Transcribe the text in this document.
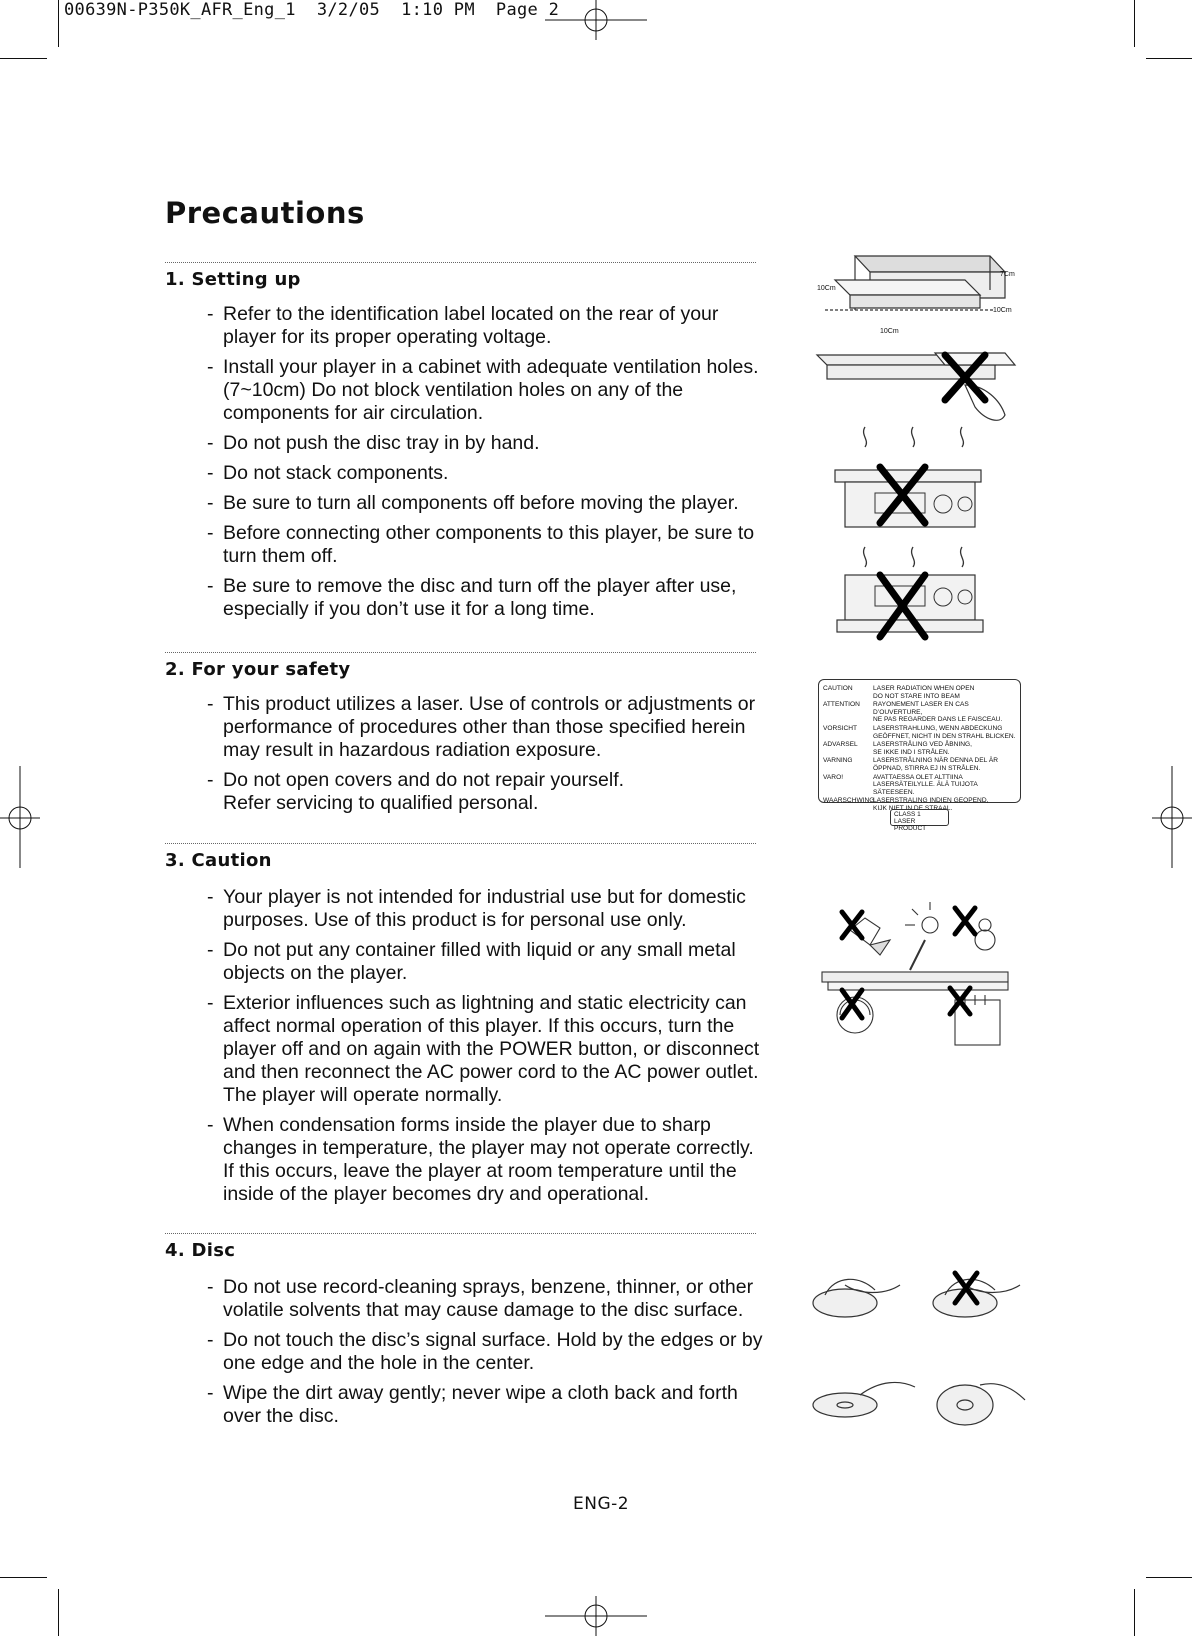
00639N-P350K_AFR_Eng_1  3/2/05  1:10 PM  Page 2
Precautions
1. Setting up
- Refer to the identification label located on the rear of your player for its proper operating voltage.
- Install your player in a cabinet with adequate ventilation holes. (7~10cm) Do not block ventilation holes on any of the components for air circulation.
- Do not push the disc tray in by hand.
- Do not stack components.
- Be sure to turn all components off before moving the player.
- Before connecting other components to this player, be sure to turn them off.
- Be sure to remove the disc and turn off the player after use, especially if you don’t use it for a long time.
2. For your safety
- This product utilizes a laser. Use of controls or adjustments or performance of procedures other than those specified herein may result in hazardous radiation exposure.
- Do not open covers and do not repair yourself.
Refer servicing to qualified personal.
3. Caution
- Your player is not intended for industrial use but for domestic purposes. Use of this product is for personal use only.
- Do not put any container filled with liquid or any small metal objects on the player.
- Exterior influences such as lightning and static electricity can affect normal operation of this player. If this occurs, turn the player off and on again with the POWER button, or disconnect and then reconnect the AC power cord to the AC power outlet. The player will operate normally.
- When condensation forms inside the player due to sharp changes in temperature, the player may not operate correctly. If this occurs, leave the player at room temperature until the inside of the player becomes dry and operational.
4. Disc
- Do not use record-cleaning sprays, benzene, thinner, or other volatile solvents that may cause damage to the disc surface.
- Do not touch the disc’s signal surface. Hold by the edges or by one edge and the hole in the center.
- Wipe the dirt away gently; never wipe a cloth back and forth over the disc.
7Cm
10Cm
10Cm
10Cm
CAUTION	LASER RADIATION WHEN OPEN
DO NOT STARE INTO BEAM
ATTENTION	RAYONEMENT LASER EN CAS D’OUVERTURE,
NE PAS REGARDER DANS LE FAISCEAU.
VORSICHT	LASERSTRAHLUNG, WENN ABDECKUNG
GEÖFFNET, NICHT IN DEN STRAHL BLICKEN.
ADVARSEL	LASERSTRÅLING VED ÅBNING,
SE IKKE IND I STRÅLEN.
VARNING	LASERSTRÅLNING NÄR DENNA DEL ÄR
ÖPPNAD, STIRRA EJ IN STRÅLEN.
VARO!	AVATTAESSA OLET ALTTIINA
LASERSÄTEILYLLE. ÄLÄ TUIJOTA SÄTEESEEN.
WAARSCHWING
LASERSTRALING INDIEN GEOPEND,
KIJK NIET IN DE STRAAL.
CLASS 1
LASER PRODUCT
ENG-2
